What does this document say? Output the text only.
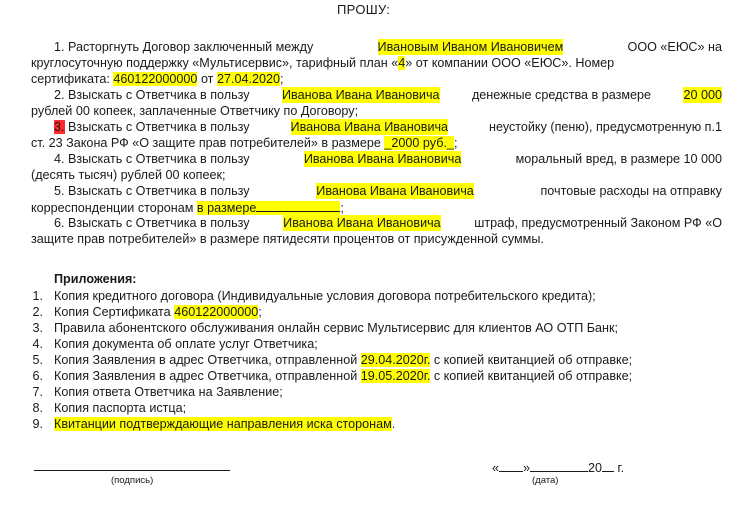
ПРОШУ:
1. Расторгнуть Договор заключенный между	Ивановым Иваном Ивановичем	ООО «ЕЮС» на
круглосуточную поддержку «Мультисервис», тарифный план «4» от компании ООО «ЕЮС». Номер
сертификата: 460122000000 от 27.04.2020;
2. Взыскать с Ответчика в пользу	Иванова Ивана Ивановича	денежные средства в размере	20 000
рублей 00 копеек, заплаченные Ответчику по Договору;
3. Взыскать с Ответчика в пользу	Иванова Ивана Ивановича	неустойку (пеню), предусмотренную п.1
ст. 23 Закона РФ «О защите прав потребителей» в размере _2000 руб._;
4. Взыскать с Ответчика в пользу	Иванова Ивана Ивановича	моральный вред, в размере 10 000
(десять тысяч) рублей 00 копеек;
5. Взыскать с Ответчика в пользу	Иванова Ивана Ивановича	почтовые расходы на отправку
корреспонденции сторонам в размере	;
6. Взыскать с Ответчика в пользу	Иванова Ивана Ивановича	штраф, предусмотренный Законом РФ «О
защите прав потребителей» в размере пятидесяти процентов от присужденной суммы.
Приложения:
1. Копия кредитного договора (Индивидуальные условия договора потребительского кредита);
2. Копия Сертификата 460122000000;
3. Правила абонентского обслуживания онлайн сервис Мультисервис для клиентов АО ОТП Банк;
4. Копия документа об оплате услуг Ответчика;
5. Копия Заявления в адрес Ответчика, отправленной 29.04.2020г. с копией квитанцией об отправке;
6. Копия Заявления в адрес Ответчика, отправленной 19.05.2020г. с копией квитанцией об отправке;
7. Копия ответа Ответчика на Заявление;
8. Копия паспорта истца;
9. Квитанции подтверждающие направления иска сторонам.
(подпись)
« »	20 г.
(дата)
